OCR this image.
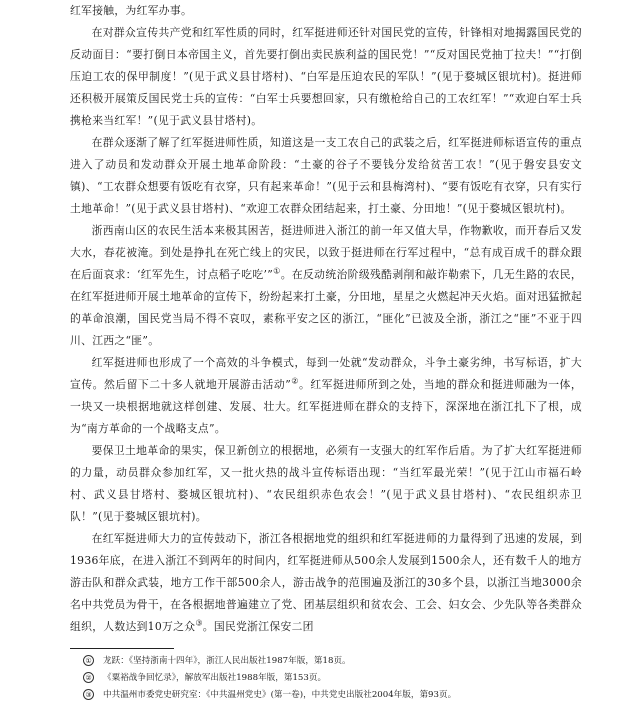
红军接触，为红军办事。

在对群众宣传共产党和红军性质的同时，红军挺进师还针对国民党的宣传，针锋相对地揭露国民党的反动面目：“要打倒日本帝国主义，首先要打倒出卖民族利益的国民党！”“反对国民党抽丁拉夫！”“打倒压迫工农的保甲制度！”(见于武义县甘塔村)、“白军是压迫农民的军队！”(见于婺城区银坑村)。挺进师还积极开展策反国民党士兵的宣传：“白军士兵要想回家，只有缴枪给自己的工农红军！”“欢迎白军士兵携枪来当红军！”(见于武义县甘塔村)。

在群众逐渐了解了红军挺进师性质，知道这是一支工农自己的武装之后，红军挺进师标语宣传的重点进入了动员和发动群众开展土地革命阶段：“土豪的谷子不要钱分发给贫苦工农！”(见于磐安县安文镇)、“工农群众想要有饭吃有衣穿，只有起来革命！”(见于云和县梅湾村)、“要有饭吃有衣穿，只有实行土地革命！”(见于武义县甘塔村)、“欢迎工农群众团结起来，打土豪、分田地！”(见于婺城区银坑村)。

浙西南山区的农民生活本来极其困苦，挺进师进入浙江的前一年又值大旱，作物歉收，而开春后又发大水，春花被淹。到处是挣扎在死亡线上的灾民，以致于挺进师在行军过程中，“总有成百成千的群众跟在后面哀求：‘红军先生，讨点稻子吃吃’”①。在反动统治阶级残酷剥削和敲诈勒索下，几无生路的农民，在红军挺进师开展土地革命的宣传下，纷纷起来打土豪，分田地，星星之火燃起冲天火焰。面对迅猛掀起的革命浪潮，国民党当局不得不哀叹，素称平安之区的浙江，“匪化”已波及全浙，浙江之“匪”不亚于四川、江西之“匪”。

红军挺进师也形成了一个高效的斗争模式，每到一处就“发动群众，斗争土豪劣绅，书写标语，扩大宣传。然后留下二十多人就地开展游击活动”②。红军挺进师所到之处，当地的群众和挺进师融为一体，一块又一块根据地就这样创建、发展、壮大。红军挺进师在群众的支持下，深深地在浙江扎下了根，成为“南方革命的一个战略支点”。

要保卫土地革命的果实，保卫新创立的根据地，必须有一支强大的红军作后盾。为了扩大红军挺进师的力量，动员群众参加红军，又一批火热的战斗宣传标语出现：“当红军最光荣！”(见于江山市福石岭村、武义县甘塔村、婺城区银坑村)、“农民组织赤色农会！”(见于武义县甘塔村)、“农民组织赤卫队！”(见于婺城区银坑村)。

在红军挺进师大力的宣传鼓动下，浙江各根据地党的组织和红军挺进师的力量得到了迅速的发展，到1936年底，在进入浙江不到两年的时间内，红军挺进师从500余人发展到1500余人，还有数千人的地方游击队和群众武装，地方工作干部500余人，游击战争的范围遍及浙江的30多个县，以浙江当地3000余名中共党员为骨干，在各根据地普遍建立了党、团基层组织和贫农会、工会、妇女会、少先队等各类群众组织，人数达到10万之众③。国民党浙江保安二团

① 龙跃：《坚持浙南十四年》，浙江人民出版社1987年版，第18页。
② 《粟裕战争回忆录》，解放军出版社1988年版，第153页。
③ 中共温州市委党史研究室：《中共温州党史》(第一卷)，中共党史出版社2004年版，第93页。
